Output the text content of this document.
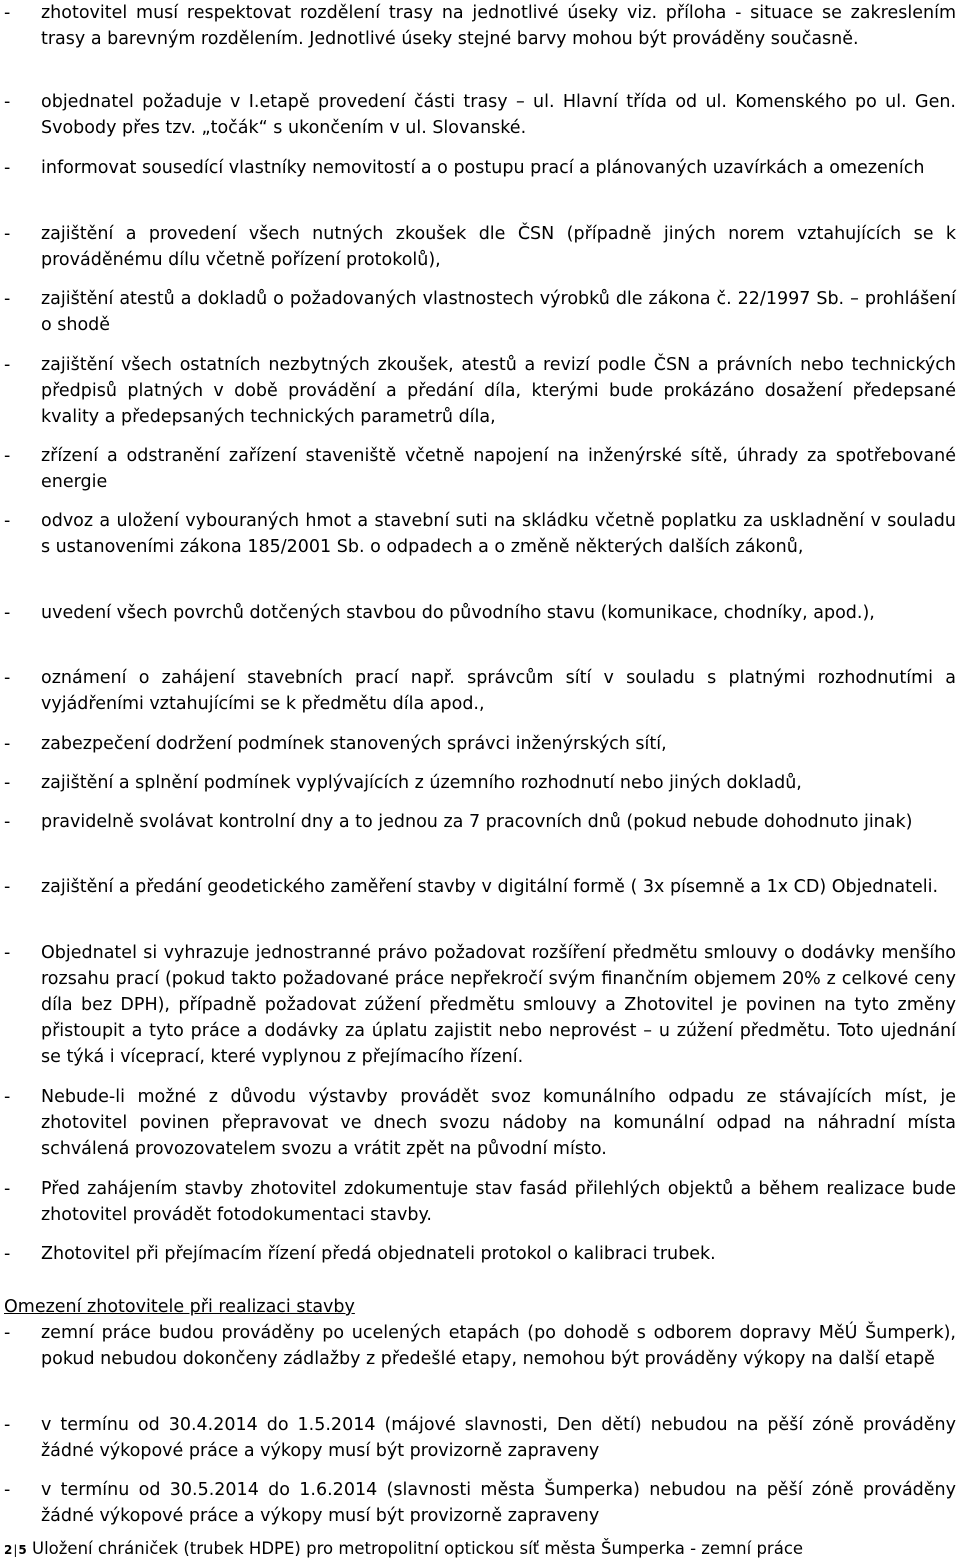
-	zhotovitel musí respektovat rozdělení trasy na jednotlivé úseky viz. příloha - situace se zakreslením trasy a barevným rozdělením. Jednotlivé úseky stejné barvy mohou být prováděny současně.
-	objednatel požaduje v I.etapě provedení části trasy – ul. Hlavní třída od ul. Komenského po ul. Gen. Svobody přes tzv. „točák“ s ukončením v ul. Slovanské.
-	informovat sousedící vlastníky nemovitostí a o postupu prací a plánovaných uzavírkách a omezeních
-	zajištění a provedení všech nutných zkoušek dle ČSN (případně jiných norem vztahujících se k prováděnému dílu včetně pořízení protokolů),
-	zajištění atestů a dokladů o požadovaných vlastnostech výrobků dle zákona č. 22/1997 Sb. – prohlášení o shodě
-	zajištění všech ostatních nezbytných zkoušek, atestů a revizí podle ČSN a právních nebo technických předpisů platných v době provádění a předání díla, kterými bude prokázáno dosažení předepsané kvality a předepsaných technických parametrů díla,
-	zřízení a odstranění zařízení staveniště včetně napojení na inženýrské sítě, úhrady za spotřebované energie
-	odvoz a uložení vybouraných hmot a stavební suti na skládku včetně poplatku za uskladnění v souladu s ustanoveními zákona 185/2001 Sb. o odpadech a o změně některých dalších zákonů,
-	uvedení všech povrchů dotčených stavbou do původního stavu (komunikace, chodníky, apod.),
-	oznámení o zahájení stavebních prací např. správcům sítí v souladu s platnými rozhodnutími a vyjádřeními vztahujícími se k předmětu díla apod.,
-	zabezpečení dodržení podmínek stanovených správci inženýrských sítí,
-	zajištění a splnění podmínek vyplývajících z územního rozhodnutí nebo jiných dokladů,
-	pravidelně svolávat kontrolní dny a to jednou za 7 pracovních dnů (pokud nebude dohodnuto jinak)
-	zajištění a předání geodetického zaměření stavby v digitální formě ( 3x písemně a 1x CD) Objednateli.
-	Objednatel si vyhrazuje jednostranné právo požadovat rozšíření předmětu smlouvy o dodávky menšího rozsahu prací (pokud takto požadované práce nepřekročí svým finančním objemem 20% z celkové ceny díla bez DPH), případně požadovat zúžení předmětu smlouvy a Zhotovitel je povinen na tyto změny přistoupit a tyto práce a dodávky za úplatu zajistit nebo neprovést – u zúžení předmětu. Toto ujednání se týká i víceprací, které vyplynou z přejímacího řízení.
-	Nebude-li možné z důvodu výstavby provádět svoz komunálního odpadu ze stávajících míst, je zhotovitel povinen přepravovat ve dnech svozu nádoby na komunální odpad na náhradní místa schválená provozovatelem svozu a vrátit zpět na původní místo.
-	Před zahájením stavby zhotovitel zdokumentuje stav fasád přilehlých objektů a během realizace bude zhotovitel provádět fotodokumentaci stavby.
-	Zhotovitel při přejímacím řízení předá objednateli protokol o kalibraci trubek.
Omezení zhotovitele při realizaci stavby
-	zemní práce budou prováděny po ucelených etapách (po dohodě s odborem dopravy MěÚ Šumperk), pokud nebudou dokončeny zádlažby z předešlé etapy, nemohou být prováděny výkopy na další etapě
-	v termínu od 30.4.2014 do 1.5.2014 (májové slavnosti, Den dětí) nebudou na pěší zóně prováděny žádné výkopové práce a výkopy musí být provizorně zapraveny
-	v termínu od 30.5.2014 do 1.6.2014 (slavnosti města Šumperka) nebudou na pěší zóně prováděny žádné výkopové práce a výkopy musí být provizorně zapraveny
2|5 Uložení chrániček (trubek HDPE) pro metropolitní optickou síť města Šumperka - zemní práce
